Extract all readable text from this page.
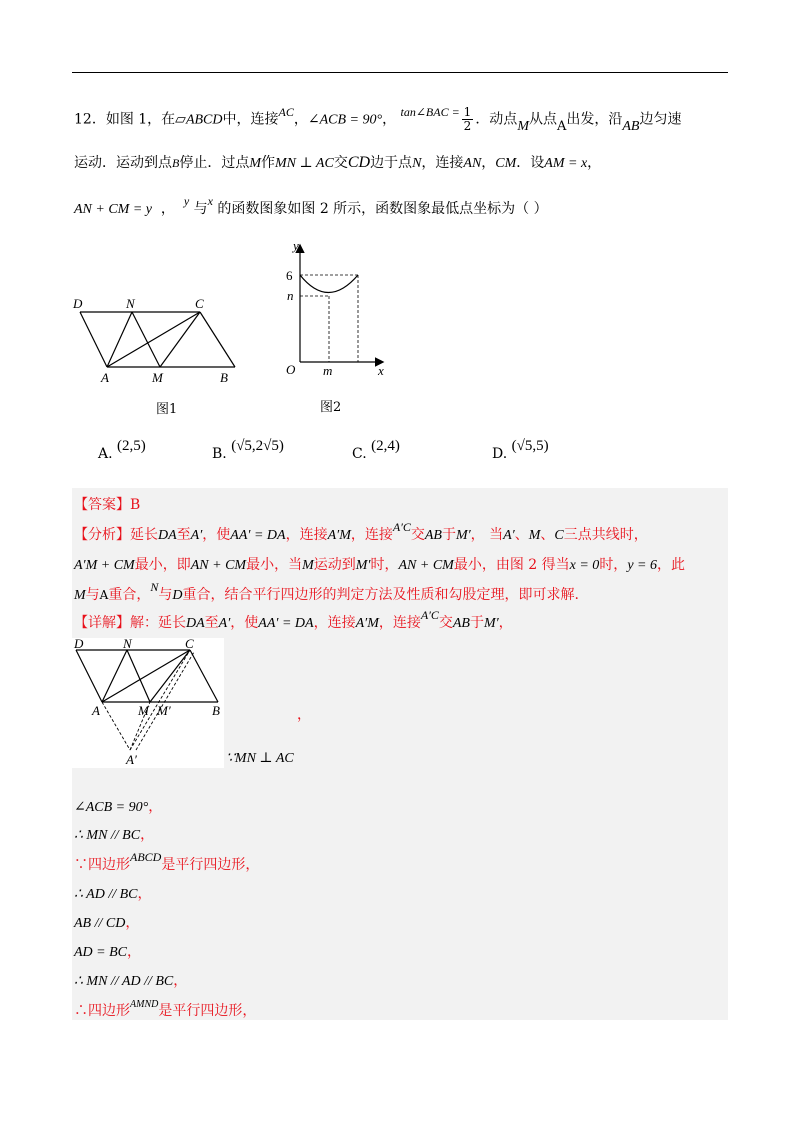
12．如图 1，在▱ABCD中，连接AC，∠ACB = 90°， tan∠BAC = $\frac{1}{2}$ ．动点M从点A出发，沿AB边匀速
运动．运动到点B停止．过点M作MN ⊥ AC交CD边于点N，连接AN，CM．设AM = x，
AN + CM = y ， y 与x 的函数图象如图 2 所示，函数图象最低点坐标为（ ）
D	N	C
A	M	B
图1
y
6
n
O m	x
图2
A. (2,5)	B. (√5,2√5)	C. (2,4)	D. (√5,5)
【答案】B
【分析】延长DA至A′，使AA′ = DA，连接A′M，连接A′C交AB于M′， 当A′、M、C三点共线时，
A′M + CM最小，即AN + CM最小，当M运动到M′时，AN + CM最小，由图 2 得当x = 0时，y = 6，此
M与A重合，N与D重合，结合平行四边形的判定方法及性质和勾股定理，即可求解.
【详解】解：延长DA至A′，使AA′ = DA，连接A′M，连接A′C交AB于M′，
D	N	C
A	M M′	B
A′
，
∵MN ⊥ AC
∠ACB = 90°，
∴ MN // BC，
∵四边形ABCD是平行四边形，
∴ AD // BC，
AB // CD，
AD = BC，
∴ MN // AD // BC，
∴四边形$^{AMND}$是平行四边形，
